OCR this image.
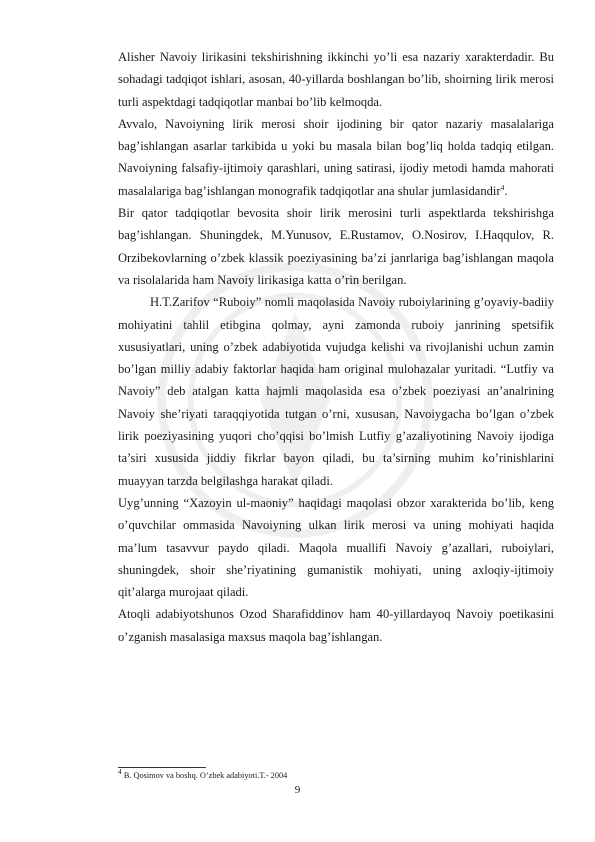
Alisher Navoiy lirikasini tekshirishning ikkinchi yo’li esa nazariy xarakterdadir. Bu sohadagi tadqiqot ishlari, asosan, 40-yillarda boshlangan bo’lib, shoirning lirik merosi turli aspektdagi tadqiqotlar manbai bo’lib kelmoqda.

Avvalo, Navoiyning lirik merosi shoir ijodining bir qator nazariy masalalariga bag’ishlangan asarlar tarkibida u yoki bu masala bilan bog’liq holda tadqiq etilgan. Navoiyning falsafiy-ijtimoiy qarashlari, uning satirasi, ijodiy metodi hamda mahorati masalalariga bag’ishlangan monografik tadqiqotlar ana shular jumlasidandir$^4$.

Bir qator tadqiqotlar bevosita shoir lirik merosini turli aspektlarda tekshirishga bag’ishlangan. Shuningdek, M.Yunusov, E.Rustamov, O.Nosirov, I.Haqqulov, R. Orzibekovlarning o’zbek klassik poeziyasining ba’zi janrlariga bag’ishlangan maqola va risolalarida ham Navoiy lirikasiga katta o’rin berilgan.

H.T.Zarifov “Ruboiy” nomli maqolasida Navoiy ruboiylarining g’oyaviy-badiiy mohiyatini tahlil etibgina qolmay, ayni zamonda ruboiy janrining spetsifik xususiyatlari, uning o’zbek adabiyotida vujudga kelishi va rivojlanishi uchun zamin bo’lgan milliy adabiy faktorlar haqida ham original mulohazalar yuritadi. “Lutfiy va Navoiy” deb atalgan katta hajmli maqolasida esa o’zbek poeziyasi an’analrining Navoiy she’riyati taraqqiyotida tutgan o’rni, xususan, Navoiygacha bo’lgan o’zbek lirik poeziyasining yuqori cho’qqisi bo’lmish Lutfiy g’azaliyotining Navoiy ijodiga ta’siri xususida jiddiy fikrlar bayon qiladi, bu ta’sirning muhim ko’rinishlarini muayyan tarzda belgilashga harakat qiladi.

Uyg’unning “Xazoyin ul-maoniy” haqidagi maqolasi obzor xarakterida bo’lib, keng o’quvchilar ommasida Navoiyning ulkan lirik merosi va uning mohiyati haqida ma’lum tasavvur paydo qiladi. Maqola muallifi Navoiy g’azallari, ruboiylari, shuningdek, shoir she’riyatining gumanistik mohiyati, uning axloqiy-ijtimoiy qit’alarga murojaat qiladi.

Atoqli adabiyotshunos Ozod Sharafiddinov ham 40-yillardayoq Navoiy poetikasini o’zganish masalasiga maxsus maqola bag’ishlangan.

$^4$ B. Qosimov va boshq. O’zbek adabiyoti.T.- 2004
9
